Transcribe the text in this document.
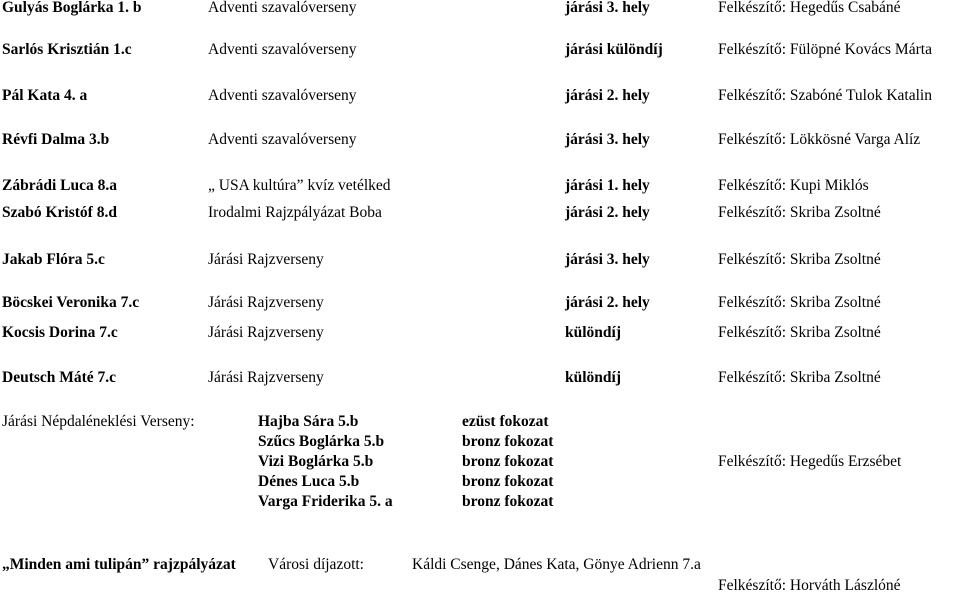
Gulyás Boglárka 1. b	Adventi szavalóverseny	járási 3. hely	Felkészítő: Hegedűs Csabáné
Sarlós Krisztián 1.c	Adventi szavalóverseny	járási különdíj	Felkészítő: Fülöpné Kovács Márta
Pál Kata 4. a	Adventi szavalóverseny	járási 2. hely	Felkészítő: Szabóné Tulok Katalin
Révfi Dalma 3.b	Adventi szavalóverseny	járási 3. hely	Felkészítő: Lökkösné Varga Alíz
Zábrádi Luca 8.a	„ USA kultúra” kvíz vetélked	járási 1. hely	Felkészítő: Kupi Miklós
Szabó Kristóf 8.d	Irodalmi Rajzpályázat Boba	járási 2. hely	Felkészítő: Skriba Zsoltné
Jakab Flóra 5.c	Járási Rajzverseny	járási 3. hely	Felkészítő: Skriba Zsoltné
Böcskei Veronika 7.c	Járási Rajzverseny	járási 2. hely	Felkészítő: Skriba Zsoltné
Kocsis Dorina 7.c	Járási Rajzverseny	különdíj	Felkészítő: Skriba Zsoltné
Deutsch Máté 7.c	Járási Rajzverseny	különdíj	Felkészítő: Skriba Zsoltné
Járási Népdaléneklési Verseny:	Hajba Sára 5.b	ezüst fokozat
Szűcs Boglárka 5.b	bronz fokozat
Vizi Boglárka 5.b	bronz fokozat	Felkészítő: Hegedűs Erzsébet
Dénes Luca 5.b	bronz fokozat
Varga Friderika 5. a	bronz fokozat
„Minden ami tulipán” rajzpályázat Városi díjazott:	Káldi Csenge, Dánes Kata, Gönye Adrienn 7.a
Felkészítő: Horváth Lászlóné
